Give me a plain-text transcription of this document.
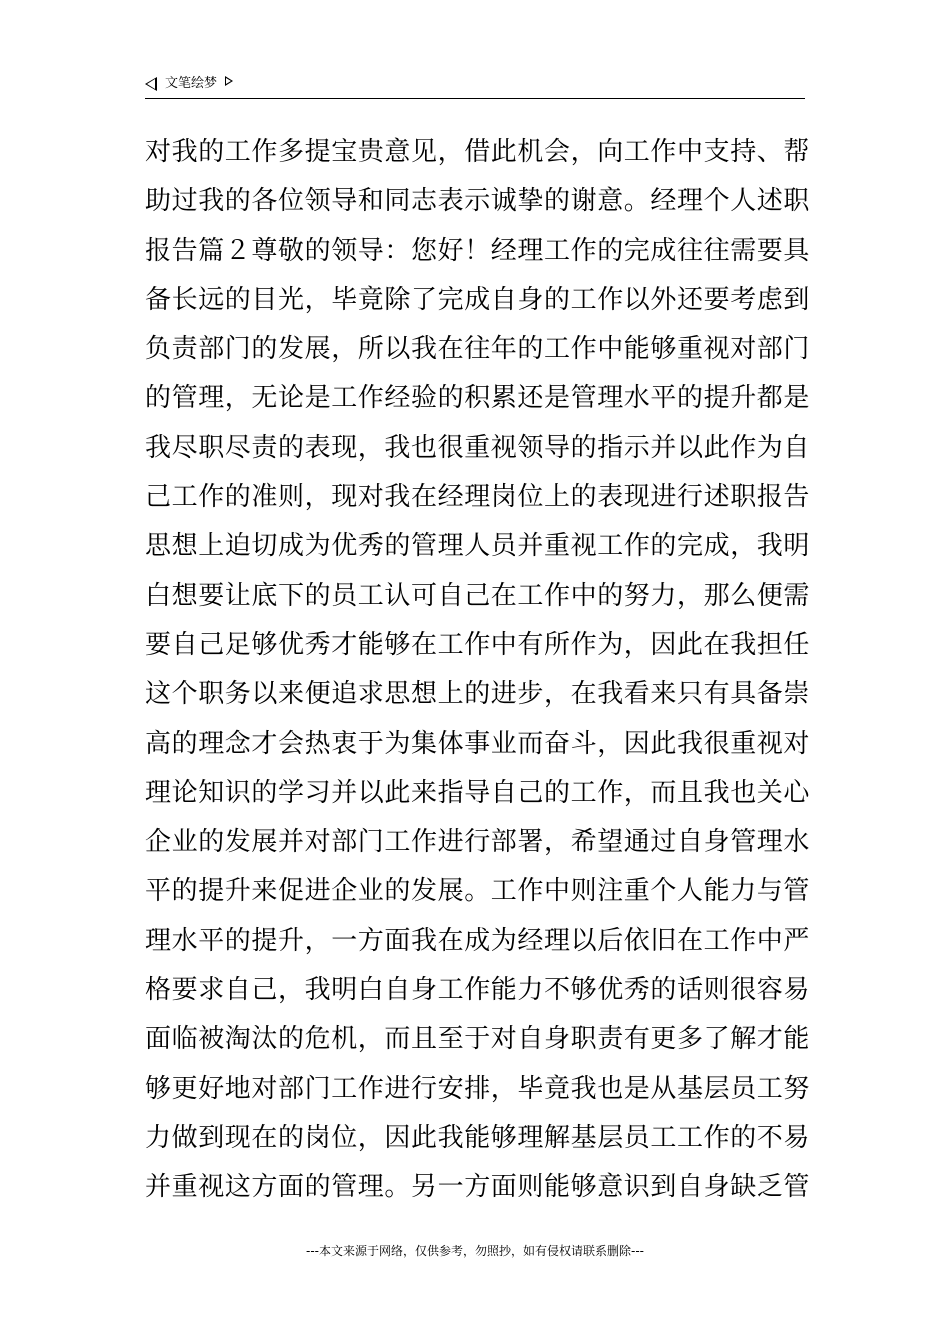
文笔绘梦
对我的工作多提宝贵意见，借此机会，向工作中支持、帮
助过我的各位领导和同志表示诚挚的谢意。经理个人述职
报告篇２尊敬的领导：您好！经理工作的完成往往需要具
备长远的目光，毕竟除了完成自身的工作以外还要考虑到
负责部门的发展，所以我在往年的工作中能够重视对部门
的管理，无论是工作经验的积累还是管理水平的提升都是
我尽职尽责的表现，我也很重视领导的指示并以此作为自
己工作的准则，现对我在经理岗位上的表现进行述职报告
思想上迫切成为优秀的管理人员并重视工作的完成，我明
白想要让底下的员工认可自己在工作中的努力，那么便需
要自己足够优秀才能够在工作中有所作为，因此在我担任
这个职务以来便追求思想上的进步，在我看来只有具备崇
高的理念才会热衷于为集体事业而奋斗，因此我很重视对
理论知识的学习并以此来指导自己的工作，而且我也关心
企业的发展并对部门工作进行部署，希望通过自身管理水
平的提升来促进企业的发展。工作中则注重个人能力与管
理水平的提升，一方面我在成为经理以后依旧在工作中严
格要求自己，我明白自身工作能力不够优秀的话则很容易
面临被淘汰的危机，而且至于对自身职责有更多了解才能
够更好地对部门工作进行安排，毕竟我也是从基层员工努
力做到现在的岗位，因此我能够理解基层员工工作的不易
并重视这方面的管理。另一方面则能够意识到自身缺乏管
---本文来源于网络，仅供参考，勿照抄，如有侵权请联系删除---
